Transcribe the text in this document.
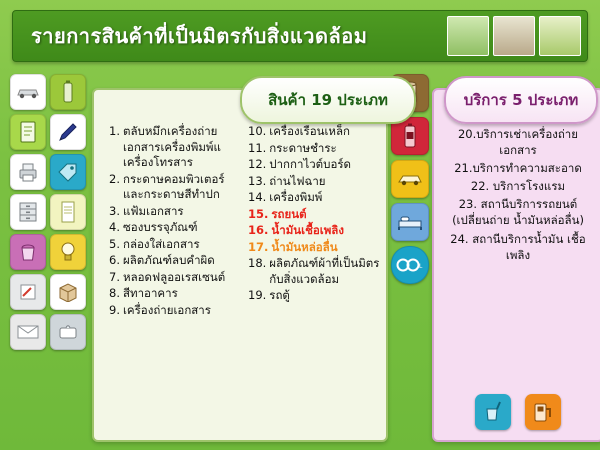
รายการสินค้าที่เป็นมิตรกับสิ่งแวดล้อม
สินค้า 19 ประเภท
1. ตลับหมึกเครื่องถ่าย เอกสารเครื่องพิมพ์แ เครื่องโทรสาร
2. กระดาษคอมพิวเตอร์ และกระดาษสีทำปก
3. แฟ้มเอกสาร
4. ซองบรรจุภัณฑ์
5. กล่องใส่เอกสาร
6. ผลิตภัณฑ์ลบคำผิด
7. หลอดฟลูออเรสเซนต์
8. สีทาอาคาร
9. เครื่องถ่ายเอกสาร
10. เครื่องเรือนเหล็ก
11. กระดาษชำระ
12. ปากกาไวต์บอร์ด
13. ถ่านไฟฉาย
14. เครื่องพิมพ์
15. รถยนต์
16. น้ำมันเชื้อเพลิง
17. น้ำมันหล่อลื่น
18. ผลิตภัณฑ์ผ้าที่เป็นมิตรกับสิ่งแวดล้อม
19. รถตู้
L
บริการ 5 ประเภท
20.บริการเช่าเครื่องถ่าย เอกสาร
21.บริการทำความสะอาด
22. บริการโรงแรม
23. สถานีบริการรถยนต์ (เปลี่ยนถ่าย น้ำมันหล่อลื่น)
24. สถานีบริการน้ำมัน เชื้อเพลิง
